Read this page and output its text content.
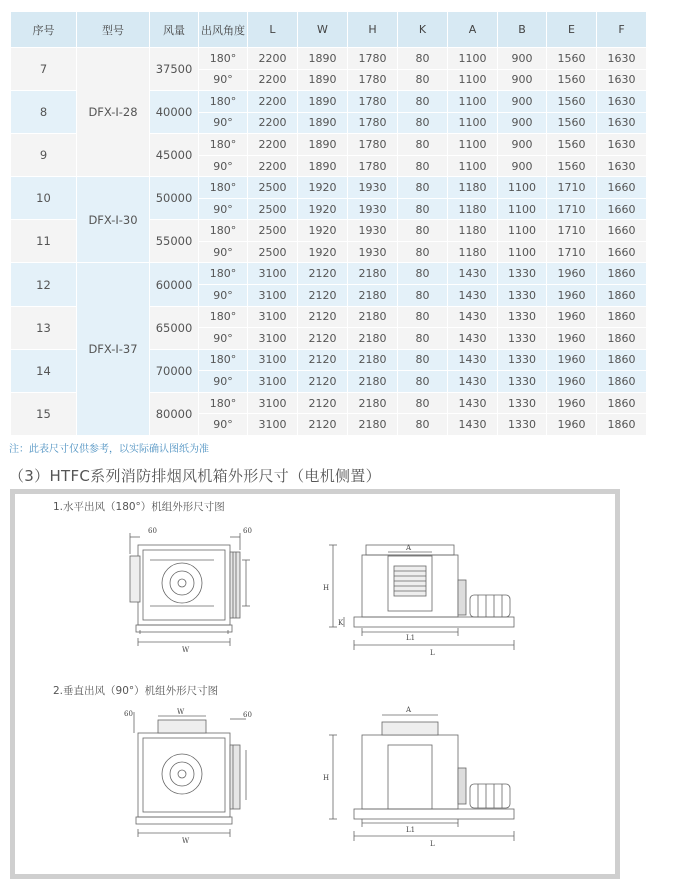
序号	型号	风量	出风角度	L	W	H	K	A	B	E	F
7	DFX-I-28	37500	180°	2200	1890	1780	80	1100	900	1560	1630
			90°	2200	1890	1780	80	1100	900	1560	1630
8		40000	180°	2200	1890	1780	80	1100	900	1560	1630
			90°	2200	1890	1780	80	1100	900	1560	1630
9		45000	180°	2200	1890	1780	80	1100	900	1560	1630
			90°	2200	1890	1780	80	1100	900	1560	1630
10	DFX-I-30	50000	180°	2500	1920	1930	80	1180	1100	1710	1660
			90°	2500	1920	1930	80	1180	1100	1710	1660
11		55000	180°	2500	1920	1930	80	1180	1100	1710	1660
			90°	2500	1920	1930	80	1180	1100	1710	1660
12	DFX-I-37	60000	180°	3100	2120	2180	80	1430	1330	1960	1860
			90°	3100	2120	2180	80	1430	1330	1960	1860
13		65000	180°	3100	2120	2180	80	1430	1330	1960	1860
			90°	3100	2120	2180	80	1430	1330	1960	1860
14		70000	180°	3100	2120	2180	80	1430	1330	1960	1860
			90°	3100	2120	2180	80	1430	1330	1960	1860
15		80000	180°	3100	2120	2180	80	1430	1330	1960	1860
			90°	3100	2120	2180	80	1430	1330	1960	1860
注：此表尺寸仅供参考，以实际确认图纸为准
（3）HTFC系列消防排烟风机箱外形尺寸（电机侧置）
1.水平出风（180°）机组外形尺寸图
2.垂直出风（90°）机组外形尺寸图
60	60
W
A
H
K
L1
L
60	60
W
W
A
H
L1
L
